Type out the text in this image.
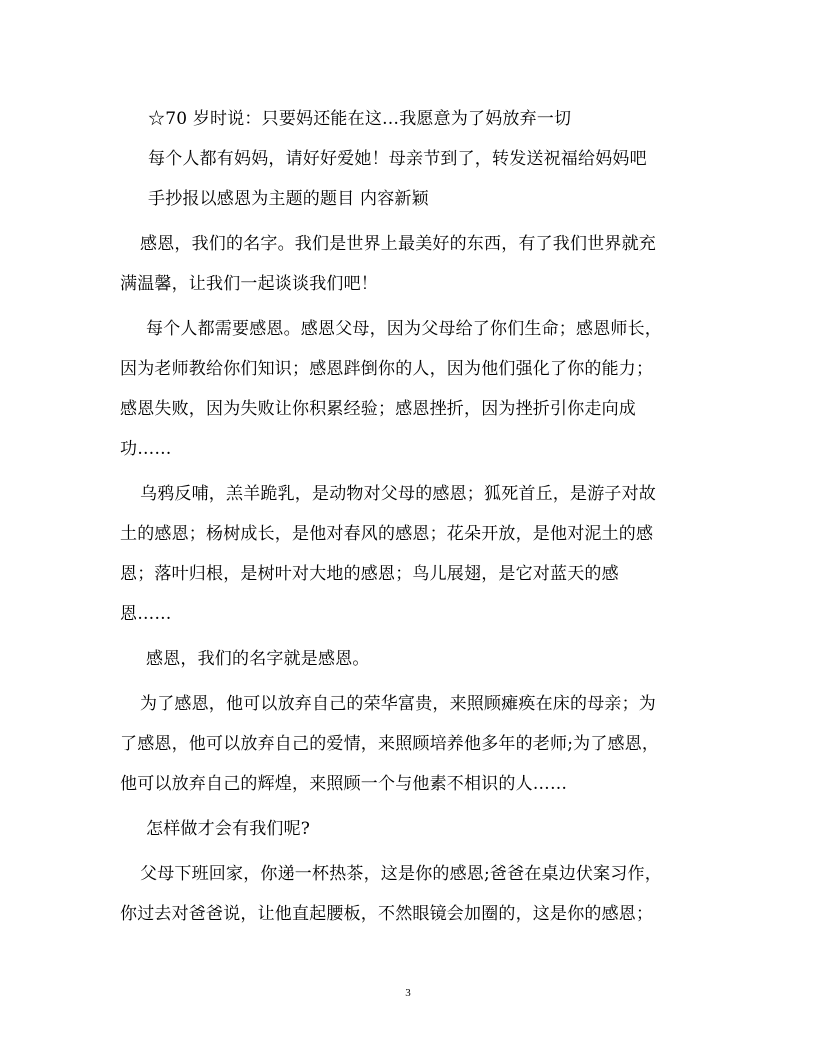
☆70 岁时说：只要妈还能在这…我愿意为了妈放弃一切
每个人都有妈妈，请好好爱她！母亲节到了，转发送祝福给妈妈吧
手抄报以感恩为主题的题目 内容新颖
感恩，我们的名字。我们是世界上最美好的东西，有了我们世界就充
满温馨，让我们一起谈谈我们吧！
每个人都需要感恩。感恩父母，因为父母给了你们生命；感恩师长，
因为老师教给你们知识；感恩跘倒你的人，因为他们强化了你的能力；
感恩失败，因为失败让你积累经验；感恩挫折，因为挫折引你走向成
功……
乌鸦反哺，羔羊跪乳，是动物对父母的感恩；狐死首丘，是游子对故
土的感恩；杨树成长，是他对春风的感恩；花朵开放，是他对泥土的感
恩；落叶归根，是树叶对大地的感恩；鸟儿展翅，是它对蓝天的感
恩……
感恩，我们的名字就是感恩。
为了感恩，他可以放弃自己的荣华富贵，来照顾瘫痪在床的母亲；为
了感恩，他可以放弃自己的爱情，来照顾培养他多年的老师;为了感恩，
他可以放弃自己的辉煌，来照顾一个与他素不相识的人……
怎样做才会有我们呢?
父母下班回家，你递一杯热茶，这是你的感恩;爸爸在桌边伏案习作，
你过去对爸爸说，让他直起腰板，不然眼镜会加圈的，这是你的感恩；
3
